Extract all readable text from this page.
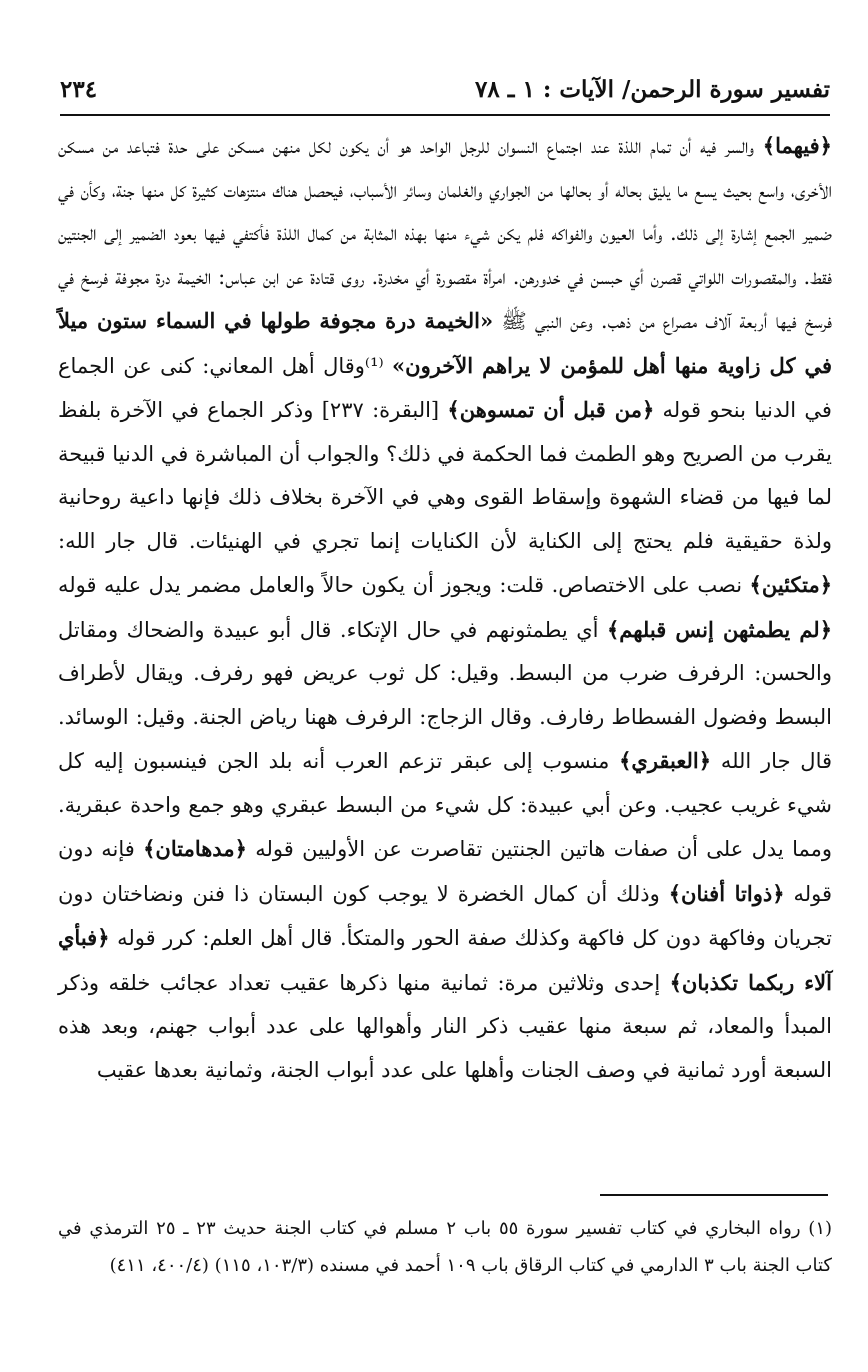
تفسير سورة الرحمن/ الآيات : ١ ـ ٧٨
٢٣٤

﴿فيهما﴾ والسر فيه أن تمام اللذة عند اجتماع النسوان للرجل الواحد هو أن يكون لكل منهن مسكن على حدة فتباعد من مسكن الأخرى، واسع بحيث يسع ما يليق بحاله أو بحالها من الجواري والغلمان وسائر الأسباب، فيحصل هناك منتزهات كثيرة كل منها جنة، وكأن في ضمير الجمع إشارة إلى ذلك. وأما العيون والفواكه فلم يكن شيء منها بهذه المثابة من كمال اللذة فأكتفي فيها بعود الضمير إلى الجنتين فقط. والمقصورات اللواتي قصرن أي حبسن في خدورهن. امرأة مقصورة أي مخدرة. روى قتادة عن ابن عباس: الخيمة درة مجوفة فرسخ في فرسخ فيها أربعة آلاف مصراع من ذهب. وعن النبي ﷺ «الخيمة درة مجوفة طولها في السماء ستون ميلاً في كل زاوية منها أهل للمؤمن لا يراهم الآخرون» ⁽¹⁾وقال أهل المعاني: كنى عن الجماع في الدنيا بنحو قوله ﴿من قبل أن تمسوهن﴾ [البقرة: ٢٣٧] وذكر الجماع في الآخرة بلفظ يقرب من الصريح وهو الطمث فما الحكمة في ذلك؟ والجواب أن المباشرة في الدنيا قبيحة لما فيها من قضاء الشهوة وإسقاط القوى وهي في الآخرة بخلاف ذلك فإنها داعية روحانية ولذة حقيقية فلم يحتج إلى الكناية لأن الكنايات إنما تجري في الهنيئات. قال جار الله: ﴿متكئين﴾ نصب على الاختصاص. قلت: ويجوز أن يكون حالاً والعامل مضمر يدل عليه قوله ﴿لم يطمثهن إنس قبلهم﴾ أي يطمثونهم في حال الإتكاء. قال أبو عبيدة والضحاك ومقاتل والحسن: الرفرف ضرب من البسط. وقيل: كل ثوب عريض فهو رفرف. ويقال لأطراف البسط وفضول الفسطاط رفارف. وقال الزجاج: الرفرف ههنا رياض الجنة. وقيل: الوسائد. قال جار الله ﴿العبقري﴾ منسوب إلى عبقر تزعم العرب أنه بلد الجن فينسبون إليه كل شيء غريب عجيب. وعن أبي عبيدة: كل شيء من البسط عبقري وهو جمع واحدة عبقرية. ومما يدل على أن صفات هاتين الجنتين تقاصرت عن الأوليين قوله ﴿مدهامتان﴾ فإنه دون قوله ﴿ذواتا أفنان﴾ وذلك أن كمال الخضرة لا يوجب كون البستان ذا فنن ونضاختان دون تجريان وفاكهة دون كل فاكهة وكذلك صفة الحور والمتكأ. قال أهل العلم: كرر قوله ﴿فبأي آلاء ربكما تكذبان﴾ إحدى وثلاثين مرة: ثمانية منها ذكرها عقيب تعداد عجائب خلقه وذكر المبدأ والمعاد، ثم سبعة منها عقيب ذكر النار وأهوالها على عدد أبواب جهنم، وبعد هذه السبعة أورد ثمانية في وصف الجنات وأهلها على عدد أبواب الجنة، وثمانية بعدها عقيب

(١) رواه البخاري في كتاب تفسير سورة ٥٥ باب ٢ مسلم في كتاب الجنة حديث ٢٣ ـ ٢٥ الترمذي في كتاب الجنة باب ٣ الدارمي في كتاب الرقاق باب ١٠٩ أحمد في مسنده (١٠٣/٣، ١١٥) (٤٠٠/٤، ٤١١)
